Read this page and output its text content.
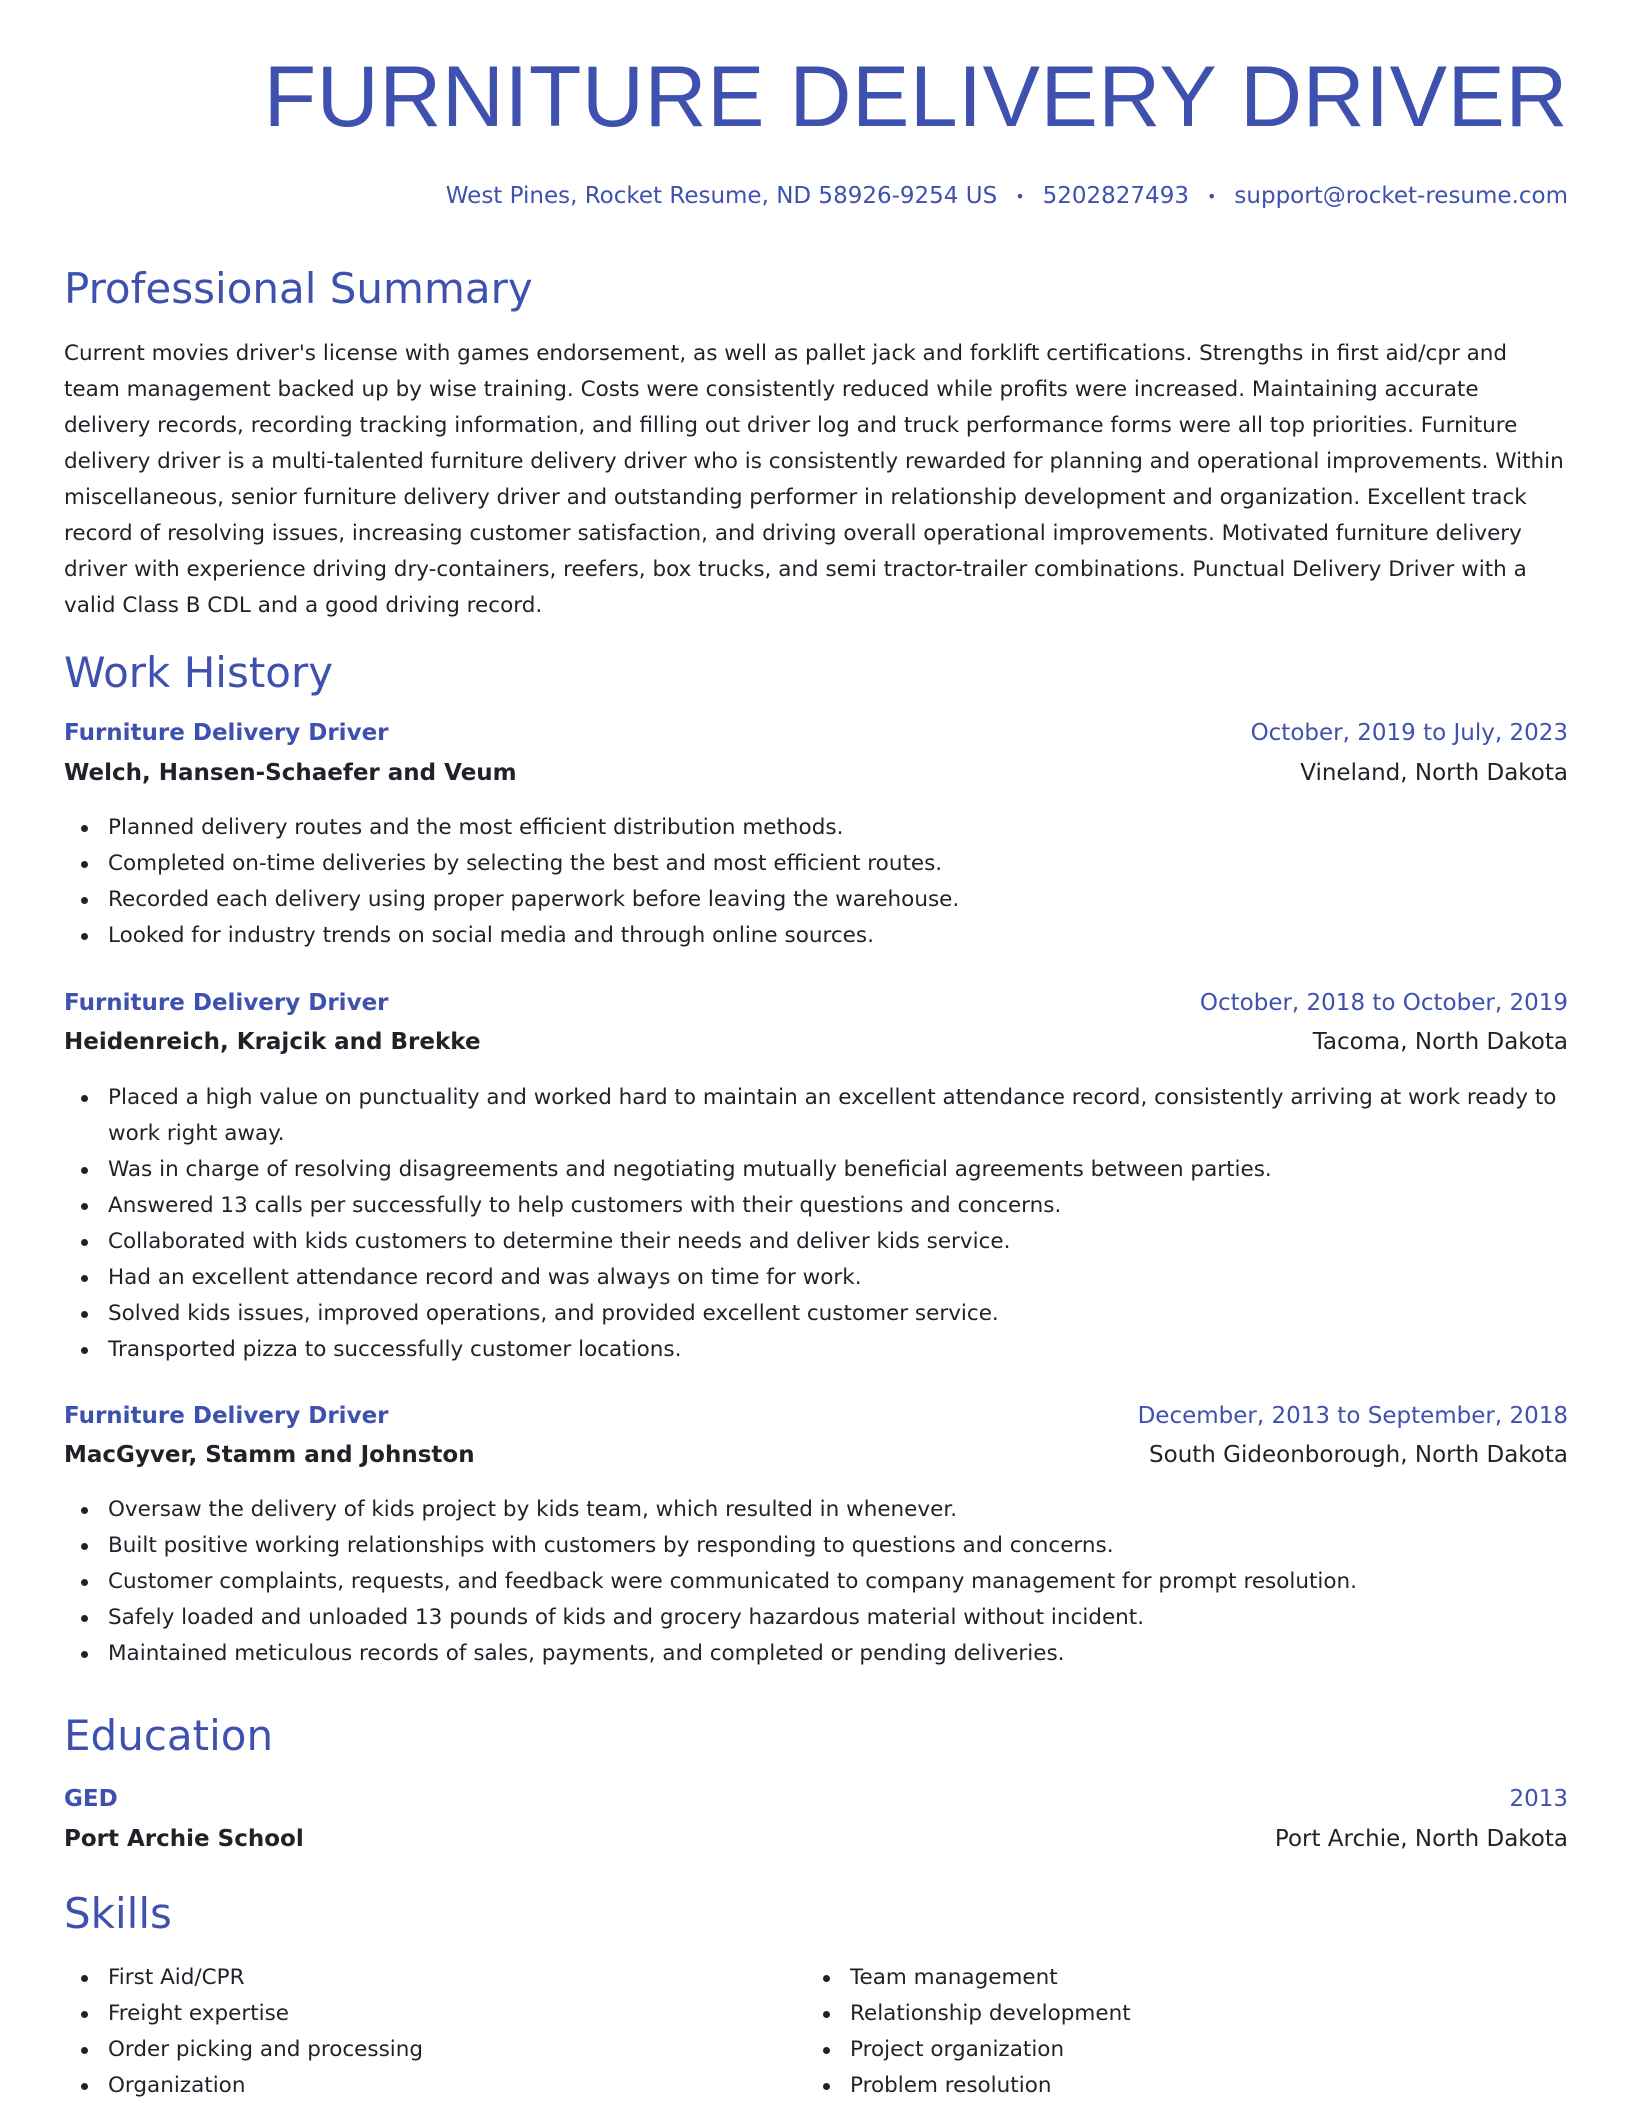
FURNITURE DELIVERY DRIVER
West Pines, Rocket Resume, ND 58926-9254 US • 5202827493 • support@rocket-resume.com
Professional Summary

Current movies driver's license with games endorsement, as well as pallet jack and forklift certifications. Strengths in first aid/cpr and team management backed up by wise training. Costs were consistently reduced while profits were increased. Maintaining accurate delivery records, recording tracking information, and filling out driver log and truck performance forms were all top priorities. Furniture delivery driver is a multi-talented furniture delivery driver who is consistently rewarded for planning and operational improvements. Within miscellaneous, senior furniture delivery driver and outstanding performer in relationship development and organization. Excellent track record of resolving issues, increasing customer satisfaction, and driving overall operational improvements. Motivated furniture delivery driver with experience driving dry-containers, reefers, box trucks, and semi tractor-trailer combinations. Punctual Delivery Driver with a valid Class B CDL and a good driving record.

Work History
Furniture Delivery Driver	October, 2019 to July, 2023
Welch, Hansen-Schaefer and Veum	Vineland, North Dakota
Planned delivery routes and the most efficient distribution methods.
Completed on-time deliveries by selecting the best and most efficient routes.
Recorded each delivery using proper paperwork before leaving the warehouse.
Looked for industry trends on social media and through online sources.
Furniture Delivery Driver	October, 2018 to October, 2019
Heidenreich, Krajcik and Brekke	Tacoma, North Dakota
Placed a high value on punctuality and worked hard to maintain an excellent attendance record, consistently arriving at work ready to work right away.
Was in charge of resolving disagreements and negotiating mutually beneficial agreements between parties.
Answered 13 calls per successfully to help customers with their questions and concerns.
Collaborated with kids customers to determine their needs and deliver kids service.
Had an excellent attendance record and was always on time for work.
Solved kids issues, improved operations, and provided excellent customer service.
Transported pizza to successfully customer locations.
Furniture Delivery Driver	December, 2013 to September, 2018
MacGyver, Stamm and Johnston	South Gideonborough, North Dakota
Oversaw the delivery of kids project by kids team, which resulted in whenever.
Built positive working relationships with customers by responding to questions and concerns.
Customer complaints, requests, and feedback were communicated to company management for prompt resolution.
Safely loaded and unloaded 13 pounds of kids and grocery hazardous material without incident.
Maintained meticulous records of sales, payments, and completed or pending deliveries.
Education
GED	2013
Port Archie School	Port Archie, North Dakota
Skills
First Aid/CPR
Freight expertise
Order picking and processing
Organization
Team management
Relationship development
Project organization
Problem resolution
